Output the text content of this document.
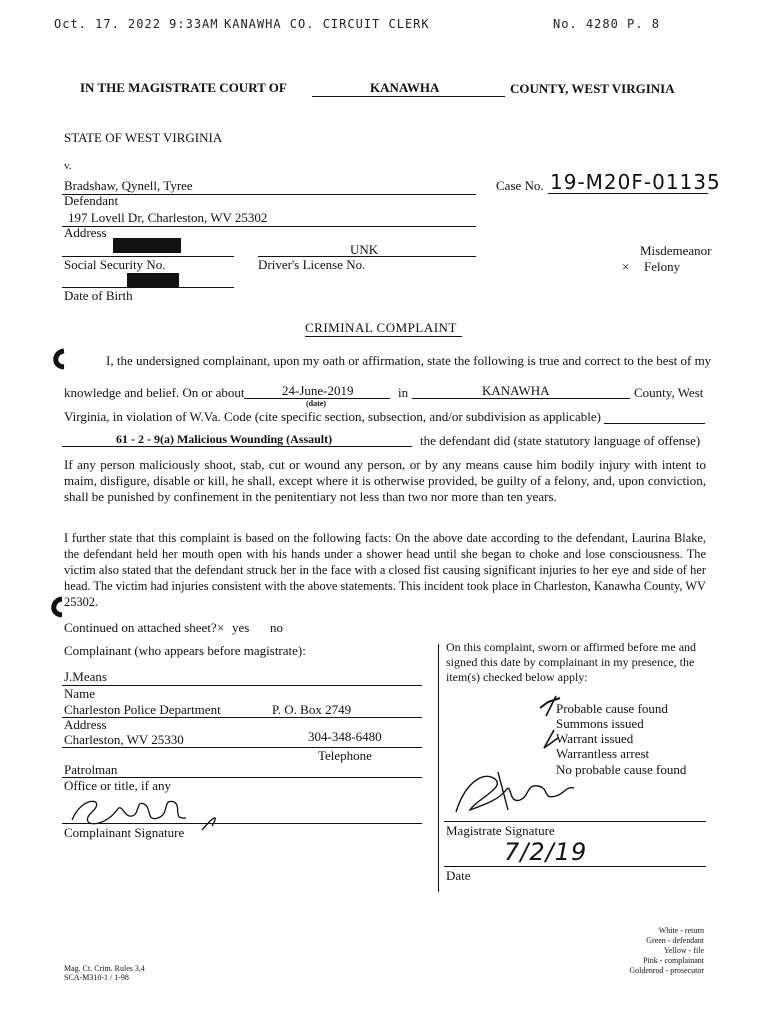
Oct. 17. 2022 9:33AM KANAWHA CO. CIRCUIT CLERK	No. 4280 P. 8
IN THE MAGISTRATE COURT OF	KANAWHA	COUNTY, WEST VIRGINIA
STATE OF WEST VIRGINIA
v.
Bradshaw, Qynell, Tyree
Defendant
197 Lovell Dr, Charleston, WV 25302
Address
Case No. 19-M20F-01135
Social Security No.
UNK
Driver's License No.
Date of Birth
Misdemeanor
× Felony
CRIMINAL COMPLAINT
I, the undersigned complainant, upon my oath or affirmation, state the following is true and correct to the best of my
knowledge and belief. On or about	24-June-2019	in	KANAWHA	County, West
(date)
Virginia, in violation of W.Va. Code (cite specific section, subsection, and/or subdivision as applicable)
61 - 2 - 9(a) Malicious Wounding (Assault)	the defendant did (state statutory language of offense)
If any person maliciously shoot, stab, cut or wound any person, or by any means cause him bodily injury with intent to maim, disfigure, disable or kill, he shall, except where it is otherwise provided, be guilty of a felony, and, upon conviction, shall be punished by confinement in the penitentiary not less than two nor more than ten years.
I further state that this complaint is based on the following facts: On the above date according to the defendant, Laurina Blake, the defendant held her mouth open with his hands under a shower head until she began to choke and lose consciousness. The victim also stated that the defendant struck her in the face with a closed fist causing significant injuries to her eye and side of her head. The victim had injuries consistent with the above statements. This incident took place in Charleston, Kanawha County, WV 25302.
Continued on attached sheet? × yes no
Complainant (who appears before magistrate):
J.Means
Name
Charleston Police Department	P. O. Box 2749
Address
Charleston, WV 25330	304-348-6480
Telephone
Patrolman
Office or title, if any
Complainant Signature
On this complaint, sworn or affirmed before me and signed this date by complainant in my presence, the item(s) checked below apply:
Probable cause found
Summons issued
Warrant issued
Warrantless arrest
No probable cause found
Magistrate Signature
7/2/19
Date
Mag. Ct. Crim. Rules 3,4
SCA-M310-1 / 1-98
White - return
Green - defendant
Yellow - file
Pink - complainant
Goldenrod - prosecutor
